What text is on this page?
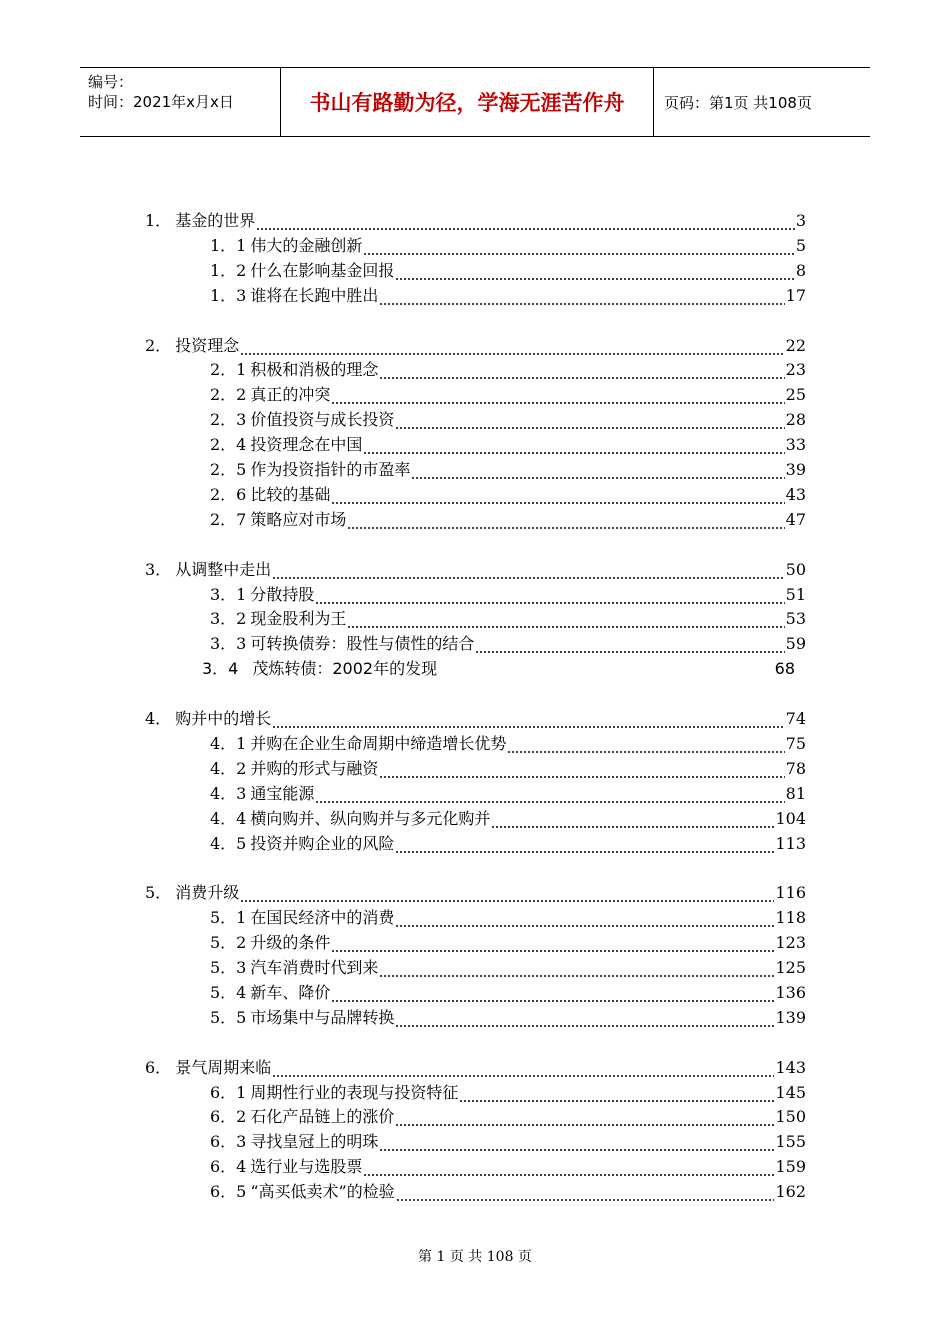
编号：
时间：2021年x月x日	书山有路勤为径，学海无涯苦作舟	页码：第1页 共108页
1． 基金的世界	3
1．1 伟大的金融创新	5
1．2 什么在影响基金回报	8
1．3 谁将在长跑中胜出	17
2． 投资理念	22
2．1 积极和消极的理念	23
2．2 真正的冲突	25
2．3 价值投资与成长投资	28
2．4 投资理念在中国	33
2．5 作为投资指针的市盈率	39
2．6 比较的基础	43
2．7 策略应对市场	47
3． 从调整中走出	50
3．1 分散持股	51
3．2 现金股利为王	53
3．3 可转换债券：股性与债性的结合	59
3．4 茂炼转债：2002年的发现	68
4． 购并中的增长	74
4．1 并购在企业生命周期中缔造增长优势	75
4．2 并购的形式与融资	78
4．3 通宝能源	81
4．4 横向购并、纵向购并与多元化购并	104
4．5 投资并购企业的风险	113
5． 消费升级	116
5．1 在国民经济中的消费	118
5．2 升级的条件	123
5．3 汽车消费时代到来	125
5．4 新车、降价	136
5．5 市场集中与品牌转换	139
6． 景气周期来临	143
6．1 周期性行业的表现与投资特征	145
6．2 石化产品链上的涨价	150
6．3 寻找皇冠上的明珠	155
6．4 选行业与选股票	159
6．5 “高买低卖术”的检验	162
第 1 页 共 108 页
